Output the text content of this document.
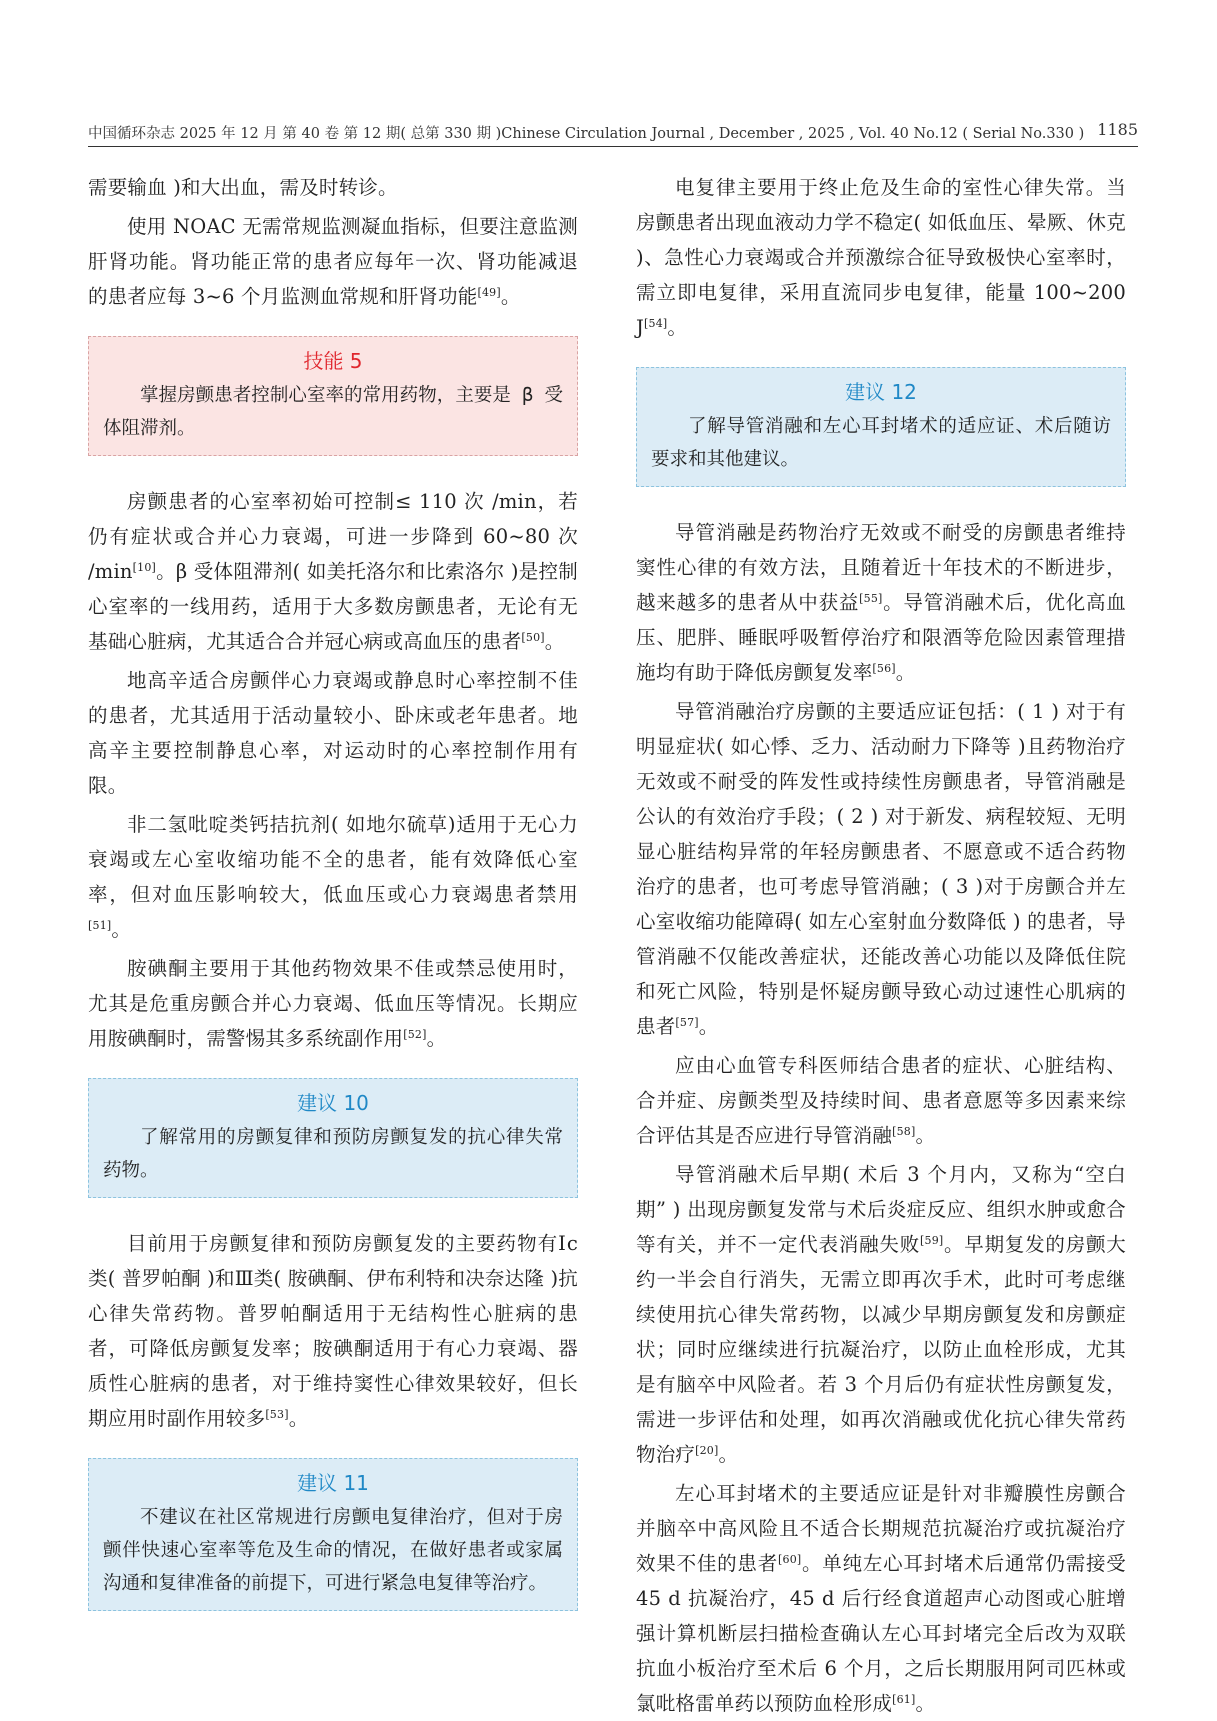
中国循环杂志 2025 年 12 月 第 40 卷 第 12 期( 总第 330 期 )Chinese Circulation Journal , December , 2025 , Vol. 40 No.12 ( Serial No.330 ) 1185

需要输血 )和大出血，需及时转诊。

使用 NOAC 无需常规监测凝血指标，但要注意监测肝肾功能。肾功能正常的患者应每年一次、肾功能减退的患者应每 3~6 个月监测血常规和肝肾功能[49]。

技能 5
掌握房颤患者控制心室率的常用药物，主要是 β 受体阻滞剂。

房颤患者的心室率初始可控制≤ 110 次 /min，若仍有症状或合并心力衰竭，可进一步降到 60~80 次 /min[10]。β 受体阻滞剂( 如美托洛尔和比索洛尔 )是控制心室率的一线用药，适用于大多数房颤患者，无论有无基础心脏病，尤其适合合并冠心病或高血压的患者[50]。

地高辛适合房颤伴心力衰竭或静息时心率控制不佳的患者，尤其适用于活动量较小、卧床或老年患者。地高辛主要控制静息心率，对运动时的心率控制作用有限。

非二氢吡啶类钙拮抗剂( 如地尔硫草)适用于无心力衰竭或左心室收缩功能不全的患者，能有效降低心室率，但对血压影响较大，低血压或心力衰竭患者禁用[51]。

胺碘酮主要用于其他药物效果不佳或禁忌使用时，尤其是危重房颤合并心力衰竭、低血压等情况。长期应用胺碘酮时，需警惕其多系统副作用[52]。

建议 10
了解常用的房颤复律和预防房颤复发的抗心律失常药物。

目前用于房颤复律和预防房颤复发的主要药物有Ⅰc 类( 普罗帕酮 )和Ⅲ类( 胺碘酮、伊布利特和决奈达隆 )抗心律失常药物。普罗帕酮适用于无结构性心脏病的患者，可降低房颤复发率；胺碘酮适用于有心力衰竭、器质性心脏病的患者，对于维持窦性心律效果较好，但长期应用时副作用较多[53]。

建议 11
不建议在社区常规进行房颤电复律治疗，但对于房颤伴快速心室率等危及生命的情况，在做好患者或家属沟通和复律准备的前提下，可进行紧急电复律等治疗。

电复律主要用于终止危及生命的室性心律失常。当房颤患者出现血液动力学不稳定( 如低血压、晕厥、休克 )、急性心力衰竭或合并预激综合征导致极快心室率时，需立即电复律，采用直流同步电复律，能量 100~200 J[54]。

建议 12
了解导管消融和左心耳封堵术的适应证、术后随访要求和其他建议。

导管消融是药物治疗无效或不耐受的房颤患者维持窦性心律的有效方法，且随着近十年技术的不断进步，越来越多的患者从中获益[55]。导管消融术后，优化高血压、肥胖、睡眠呼吸暂停治疗和限酒等危险因素管理措施均有助于降低房颤复发率[56]。

导管消融治疗房颤的主要适应证包括：( 1 ) 对于有明显症状( 如心悸、乏力、活动耐力下降等 )且药物治疗无效或不耐受的阵发性或持续性房颤患者，导管消融是公认的有效治疗手段；( 2 ) 对于新发、病程较短、无明显心脏结构异常的年轻房颤患者、不愿意或不适合药物治疗的患者，也可考虑导管消融；( 3 )对于房颤合并左心室收缩功能障碍( 如左心室射血分数降低 ) 的患者，导管消融不仅能改善症状，还能改善心功能以及降低住院和死亡风险，特别是怀疑房颤导致心动过速性心肌病的患者[57]。

应由心血管专科医师结合患者的症状、心脏结构、合并症、房颤类型及持续时间、患者意愿等多因素来综合评估其是否应进行导管消融[58]。

导管消融术后早期( 术后 3 个月内，又称为“空白期” ) 出现房颤复发常与术后炎症反应、组织水肿或愈合等有关，并不一定代表消融失败[59]。早期复发的房颤大约一半会自行消失，无需立即再次手术，此时可考虑继续使用抗心律失常药物，以减少早期房颤复发和房颤症状；同时应继续进行抗凝治疗，以防止血栓形成，尤其是有脑卒中风险者。若 3 个月后仍有症状性房颤复发，需进一步评估和处理，如再次消融或优化抗心律失常药物治疗[20]。

左心耳封堵术的主要适应证是针对非瓣膜性房颤合并脑卒中高风险且不适合长期规范抗凝治疗或抗凝治疗效果不佳的患者[60]。单纯左心耳封堵术后通常仍需接受 45 d 抗凝治疗，45 d 后行经食道超声心动图或心脏增强计算机断层扫描检查确认左心耳封堵完全后改为双联抗血小板治疗至术后 6 个月，之后长期服用阿司匹林或氯吡格雷单药以预防血栓形成[61]。
